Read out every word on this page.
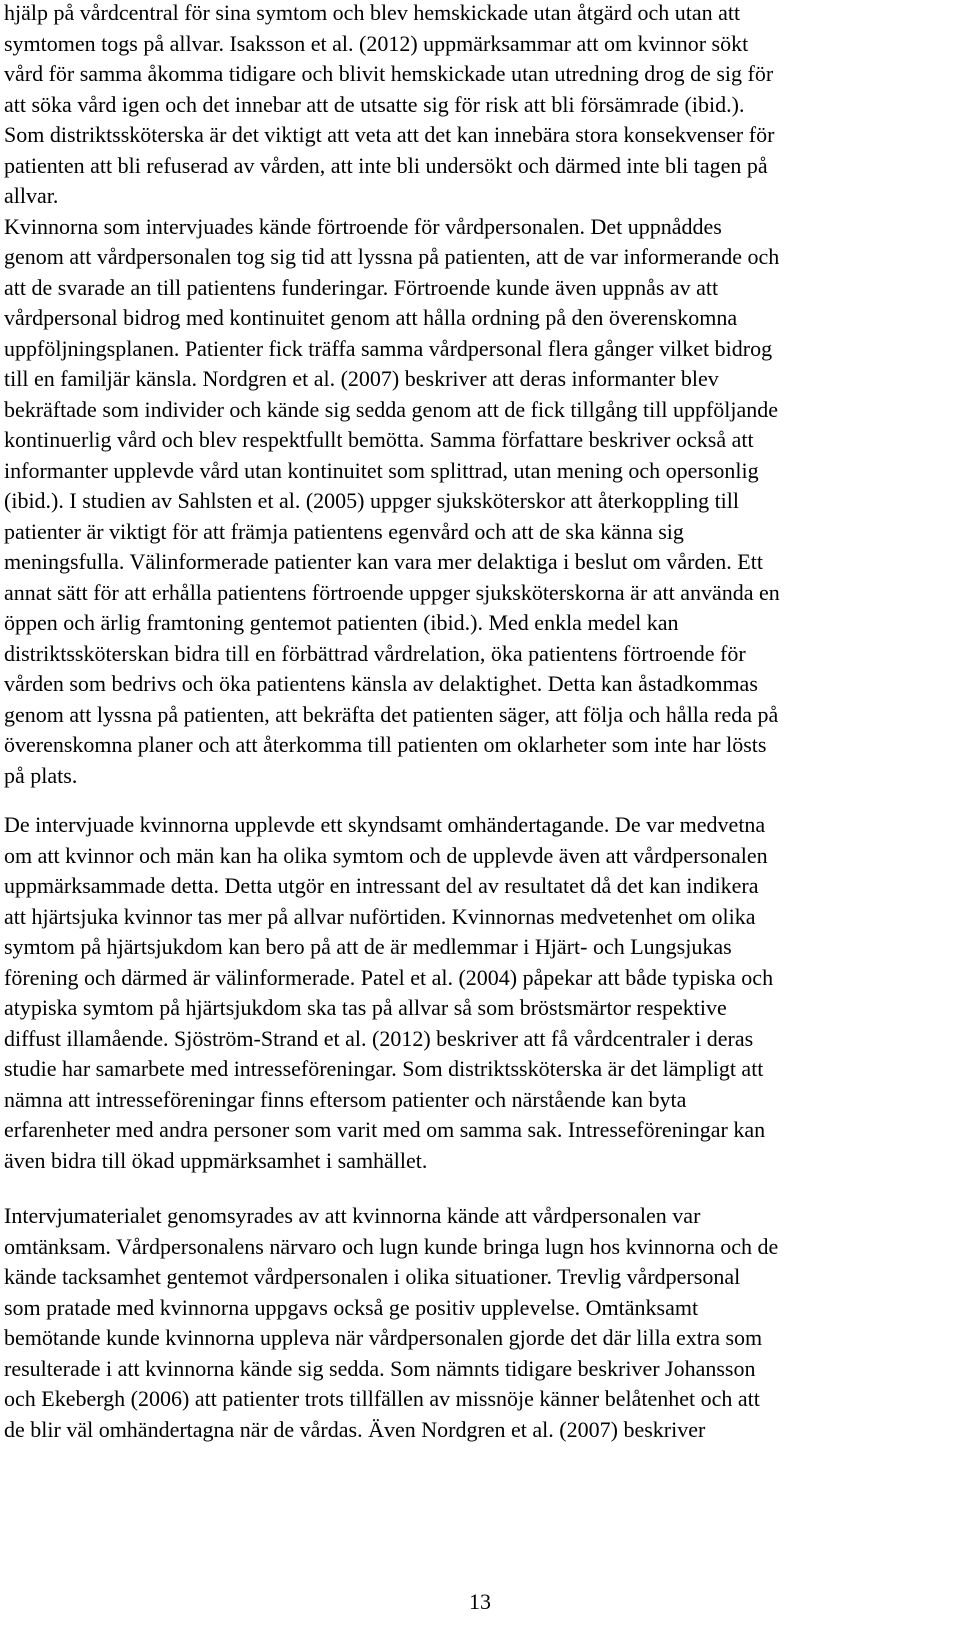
hjälp på vårdcentral för sina symtom och blev hemskickade utan åtgärd och utan att
symtomen togs på allvar. Isaksson et al. (2012) uppmärksammar att om kvinnor sökt
vård för samma åkomma tidigare och blivit hemskickade utan utredning drog de sig för
att söka vård igen och det innebar att de utsatte sig för risk att bli försämrade (ibid.).
Som distriktssköterska är det viktigt att veta att det kan innebära stora konsekvenser för
patienten att bli refuserad av vården, att inte bli undersökt och därmed inte bli tagen på
allvar.
Kvinnorna som intervjuades kände förtroende för vårdpersonalen. Det uppnåddes
genom att vårdpersonalen tog sig tid att lyssna på patienten, att de var informerande och
att de svarade an till patientens funderingar. Förtroende kunde även uppnås av att
vårdpersonal bidrog med kontinuitet genom att hålla ordning på den överenskomna
uppföljningsplanen. Patienter fick träffa samma vårdpersonal flera gånger vilket bidrog
till en familjär känsla. Nordgren et al. (2007) beskriver att deras informanter blev
bekräftade som individer och kände sig sedda genom att de fick tillgång till uppföljande
kontinuerlig vård och blev respektfullt bemötta. Samma författare beskriver också att
informanter upplevde vård utan kontinuitet som splittrad, utan mening och opersonlig
(ibid.). I studien av Sahlsten et al. (2005) uppger sjuksköterskor att återkoppling till
patienter är viktigt för att främja patientens egenvård och att de ska känna sig
meningsfulla. Välinformerade patienter kan vara mer delaktiga i beslut om vården. Ett
annat sätt för att erhålla patientens förtroende uppger sjuksköterskorna är att använda en
öppen och ärlig framtoning gentemot patienten (ibid.). Med enkla medel kan
distriktssköterskan bidra till en förbättrad vårdrelation, öka patientens förtroende för
vården som bedrivs och öka patientens känsla av delaktighet. Detta kan åstadkommas
genom att lyssna på patienten, att bekräfta det patienten säger, att följa och hålla reda på
överenskomna planer och att återkomma till patienten om oklarheter som inte har lösts
på plats.

De intervjuade kvinnorna upplevde ett skyndsamt omhändertagande. De var medvetna
om att kvinnor och män kan ha olika symtom och de upplevde även att vårdpersonalen
uppmärksammade detta. Detta utgör en intressant del av resultatet då det kan indikera
att hjärtsjuka kvinnor tas mer på allvar nuförtiden. Kvinnornas medvetenhet om olika
symtom på hjärtsjukdom kan bero på att de är medlemmar i Hjärt- och Lungsjukas
förening och därmed är välinformerade. Patel et al. (2004) påpekar att både typiska och
atypiska symtom på hjärtsjukdom ska tas på allvar så som bröstsmärtor respektive
diffust illamående. Sjöström-Strand et al. (2012) beskriver att få vårdcentraler i deras
studie har samarbete med intresseföreningar. Som distriktssköterska är det lämpligt att
nämna att intresseföreningar finns eftersom patienter och närstående kan byta
erfarenheter med andra personer som varit med om samma sak. Intresseföreningar kan
även bidra till ökad uppmärksamhet i samhället.

Intervjumaterialet genomsyrades av att kvinnorna kände att vårdpersonalen var
omtänksam. Vårdpersonalens närvaro och lugn kunde bringa lugn hos kvinnorna och de
kände tacksamhet gentemot vårdpersonalen i olika situationer. Trevlig vårdpersonal
som pratade med kvinnorna uppgavs också ge positiv upplevelse. Omtänksamt
bemötande kunde kvinnorna uppleva när vårdpersonalen gjorde det där lilla extra som
resulterade i att kvinnorna kände sig sedda. Som nämnts tidigare beskriver Johansson
och Ekebergh (2006) att patienter trots tillfällen av missnöje känner belåtenhet och att
de blir väl omhändertagna när de vårdas. Även Nordgren et al. (2007) beskriver

13
